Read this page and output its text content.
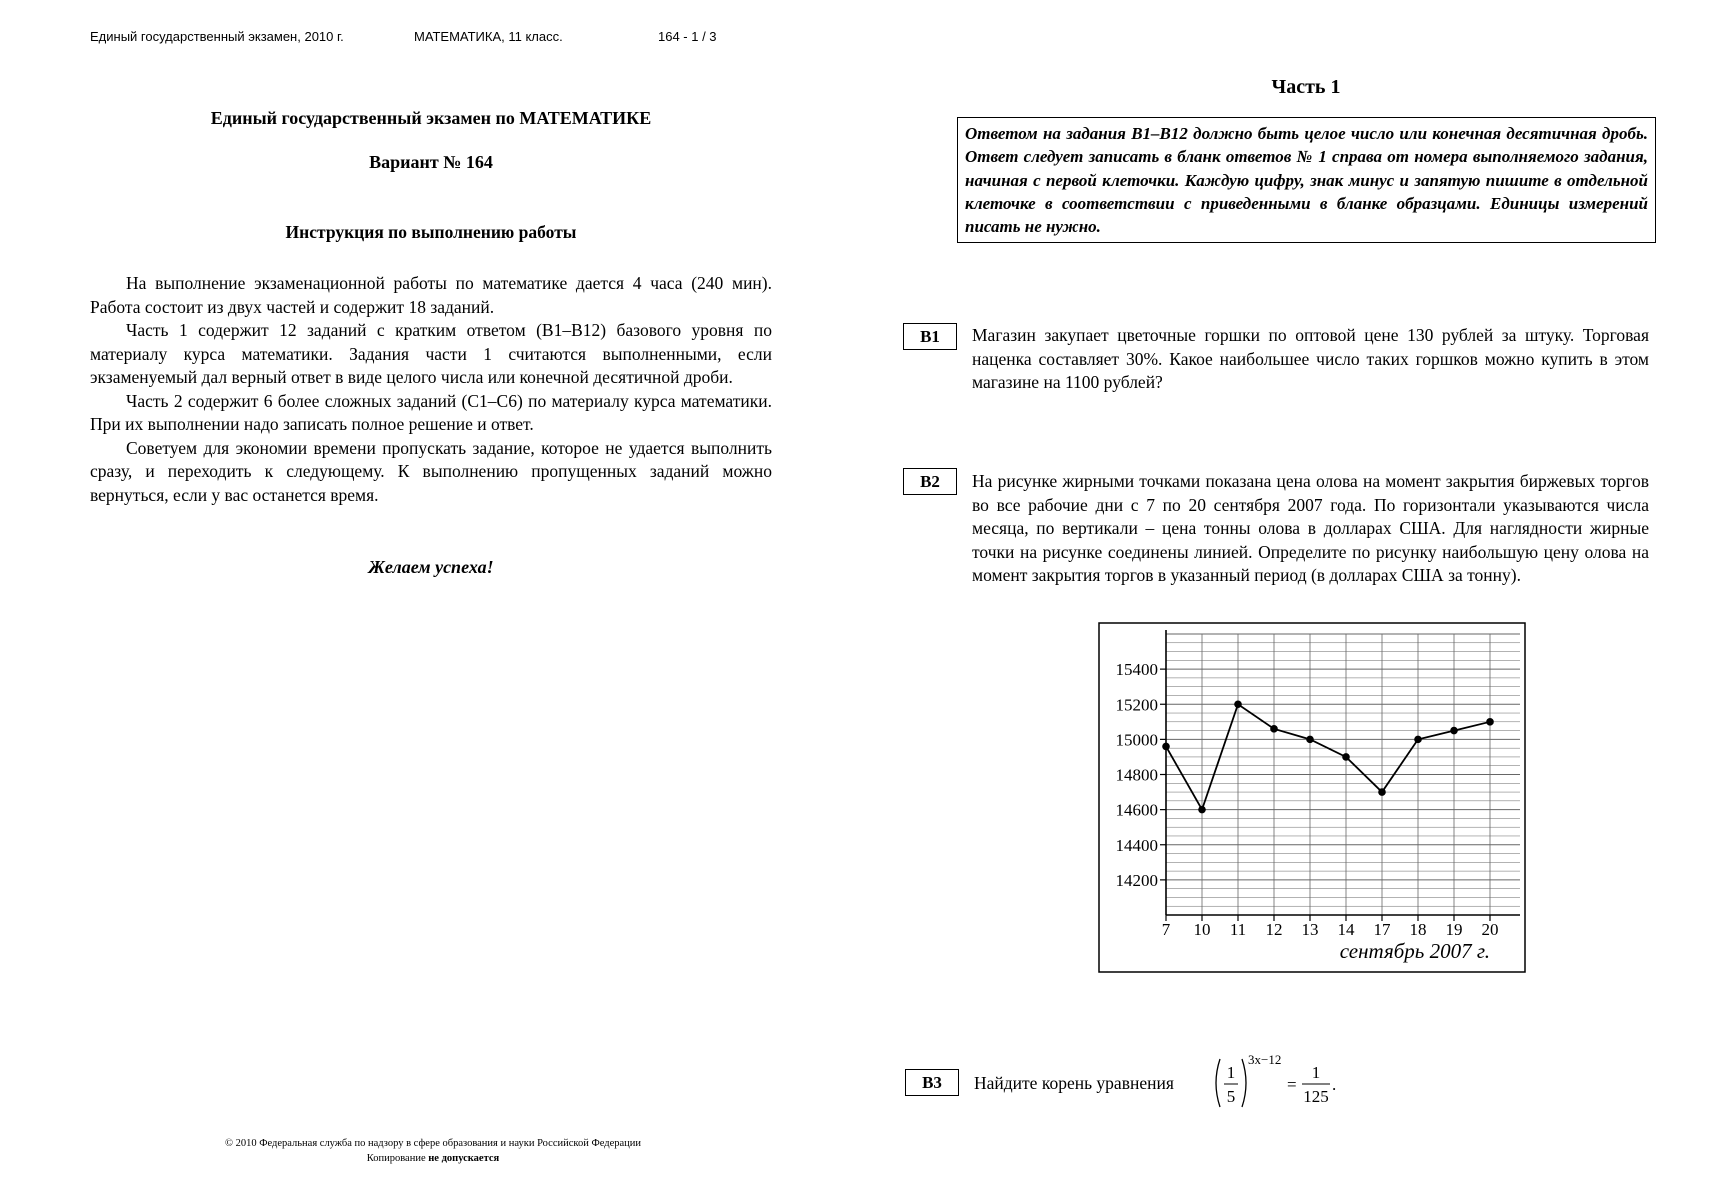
Единый государственный экзамен, 2010 г.	МАТЕМАТИКА, 11 класс.	164 - 1 / 3
Единый государственный экзамен по МАТЕМАТИКЕ
Вариант № 164
Инструкция по выполнению работы

На выполнение экзаменационной работы по математике дается 4 часа (240 мин). Работа состоит из двух частей и содержит 18 заданий.

Часть 1 содержит 12 заданий с кратким ответом (B1–B12) базового уровня по материалу курса математики. Задания части 1 считаются выполненными, если экзаменуемый дал верный ответ в виде целого числа или конечной десятичной дроби.

Часть 2 содержит 6 более сложных заданий (C1–C6) по материалу курса математики. При их выполнении надо записать полное решение и ответ.

Советуем для экономии времени пропускать задание, которое не удается выполнить сразу, и переходить к следующему. К выполнению пропущенных заданий можно вернуться, если у вас останется время.

Желаем успеха!
© 2010 Федеральная служба по надзору в сфере образования и науки Российской Федерации
Копирование не допускается
Часть 1
Ответом на задания B1–B12 должно быть целое число или конечная десятичная дробь. Ответ следует записать в бланк ответов № 1 справа от номера выполняемого задания, начиная с первой клеточки. Каждую цифру, знак минус и запятую пишите в отдельной клеточке в соответствии с приведенными в бланке образцами. Единицы измерений писать не нужно.
B1	Магазин закупает цветочные горшки по оптовой цене 130 рублей за штуку. Торговая наценка составляет 30%. Какое наибольшее число таких горшков можно купить в этом магазине на 1100 рублей?
B2	На рисунке жирными точками показана цена олова на момент закрытия биржевых торгов во все рабочие дни с 7 по 20 сентября 2007 года. По горизонтали указываются числа месяца, по вертикали – цена тонны олова в долларах США. Для наглядности жирные точки на рисунке соединены линией. Определите по рисунку наибольшую цену олова на момент закрытия торгов в указанный период (в долларах США за тонну).
14200
14400
14600
14800
15000
15200
15400
7 10 11 12 13 14 17 18 19 20
сентябрь 2007 г.
B3	Найдите корень уравнения
1
5
3x−12
=
1
125
.
